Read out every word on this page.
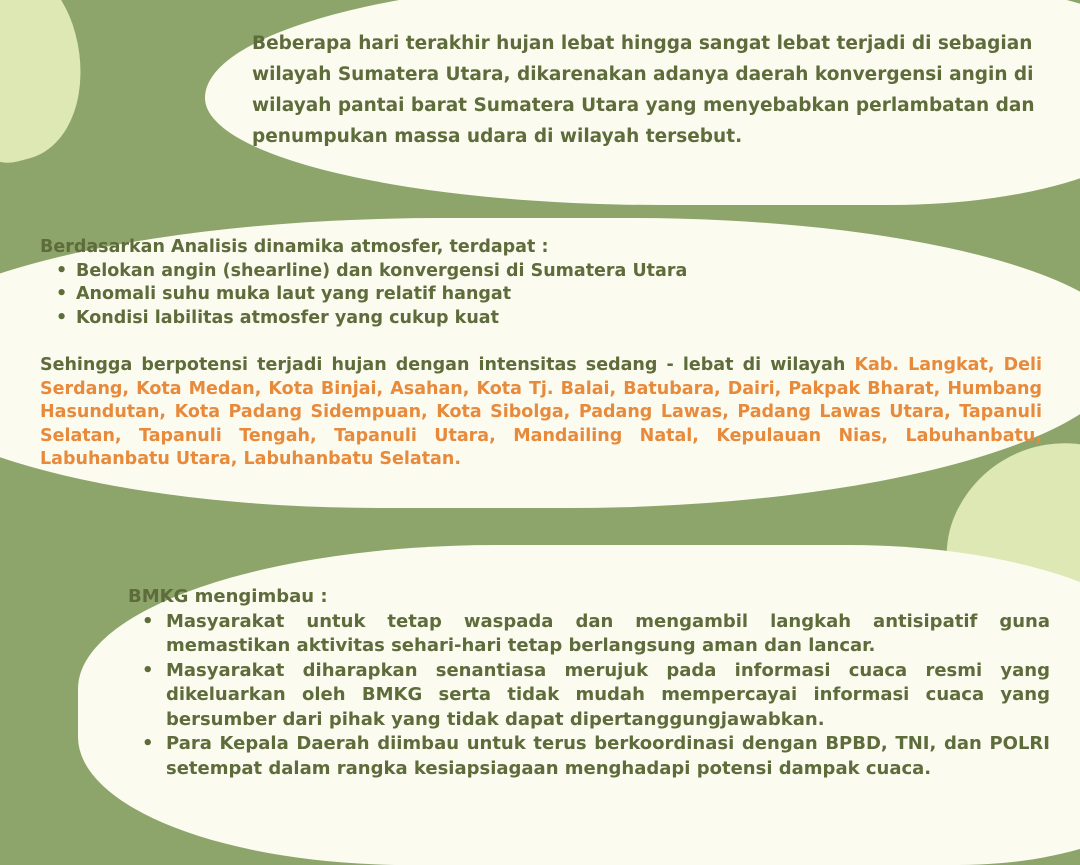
Beberapa hari terakhir hujan lebat hingga sangat lebat terjadi di sebagian wilayah Sumatera Utara, dikarenakan adanya daerah konvergensi angin di wilayah pantai barat Sumatera Utara yang menyebabkan perlambatan dan penumpukan massa udara di wilayah tersebut.

Berdasarkan Analisis dinamika atmosfer, terdapat :

• Belokan angin (shearline) dan konvergensi di Sumatera Utara
• Anomali suhu muka laut yang relatif hangat
• Kondisi labilitas atmosfer yang cukup kuat

Sehingga berpotensi terjadi hujan dengan intensitas sedang - lebat di wilayah Kab. Langkat, Deli Serdang, Kota Medan, Kota Binjai, Asahan, Kota Tj. Balai, Batubara, Dairi, Pakpak Bharat, Humbang Hasundutan, Kota Padang Sidempuan, Kota Sibolga, Padang Lawas, Padang Lawas Utara, Tapanuli Selatan, Tapanuli Tengah, Tapanuli Utara, Mandailing Natal, Kepulauan Nias, Labuhanbatu, Labuhanbatu Utara, Labuhanbatu Selatan.

BMKG mengimbau :

• Masyarakat untuk tetap waspada dan mengambil langkah antisipatif guna memastikan aktivitas sehari-hari tetap berlangsung aman dan lancar.
• Masyarakat diharapkan senantiasa merujuk pada informasi cuaca resmi yang dikeluarkan oleh BMKG serta tidak mudah mempercayai informasi cuaca yang bersumber dari pihak yang tidak dapat dipertanggungjawabkan.
• Para Kepala Daerah diimbau untuk terus berkoordinasi dengan BPBD, TNI, dan POLRI setempat dalam rangka kesiapsiagaan menghadapi potensi dampak cuaca.
